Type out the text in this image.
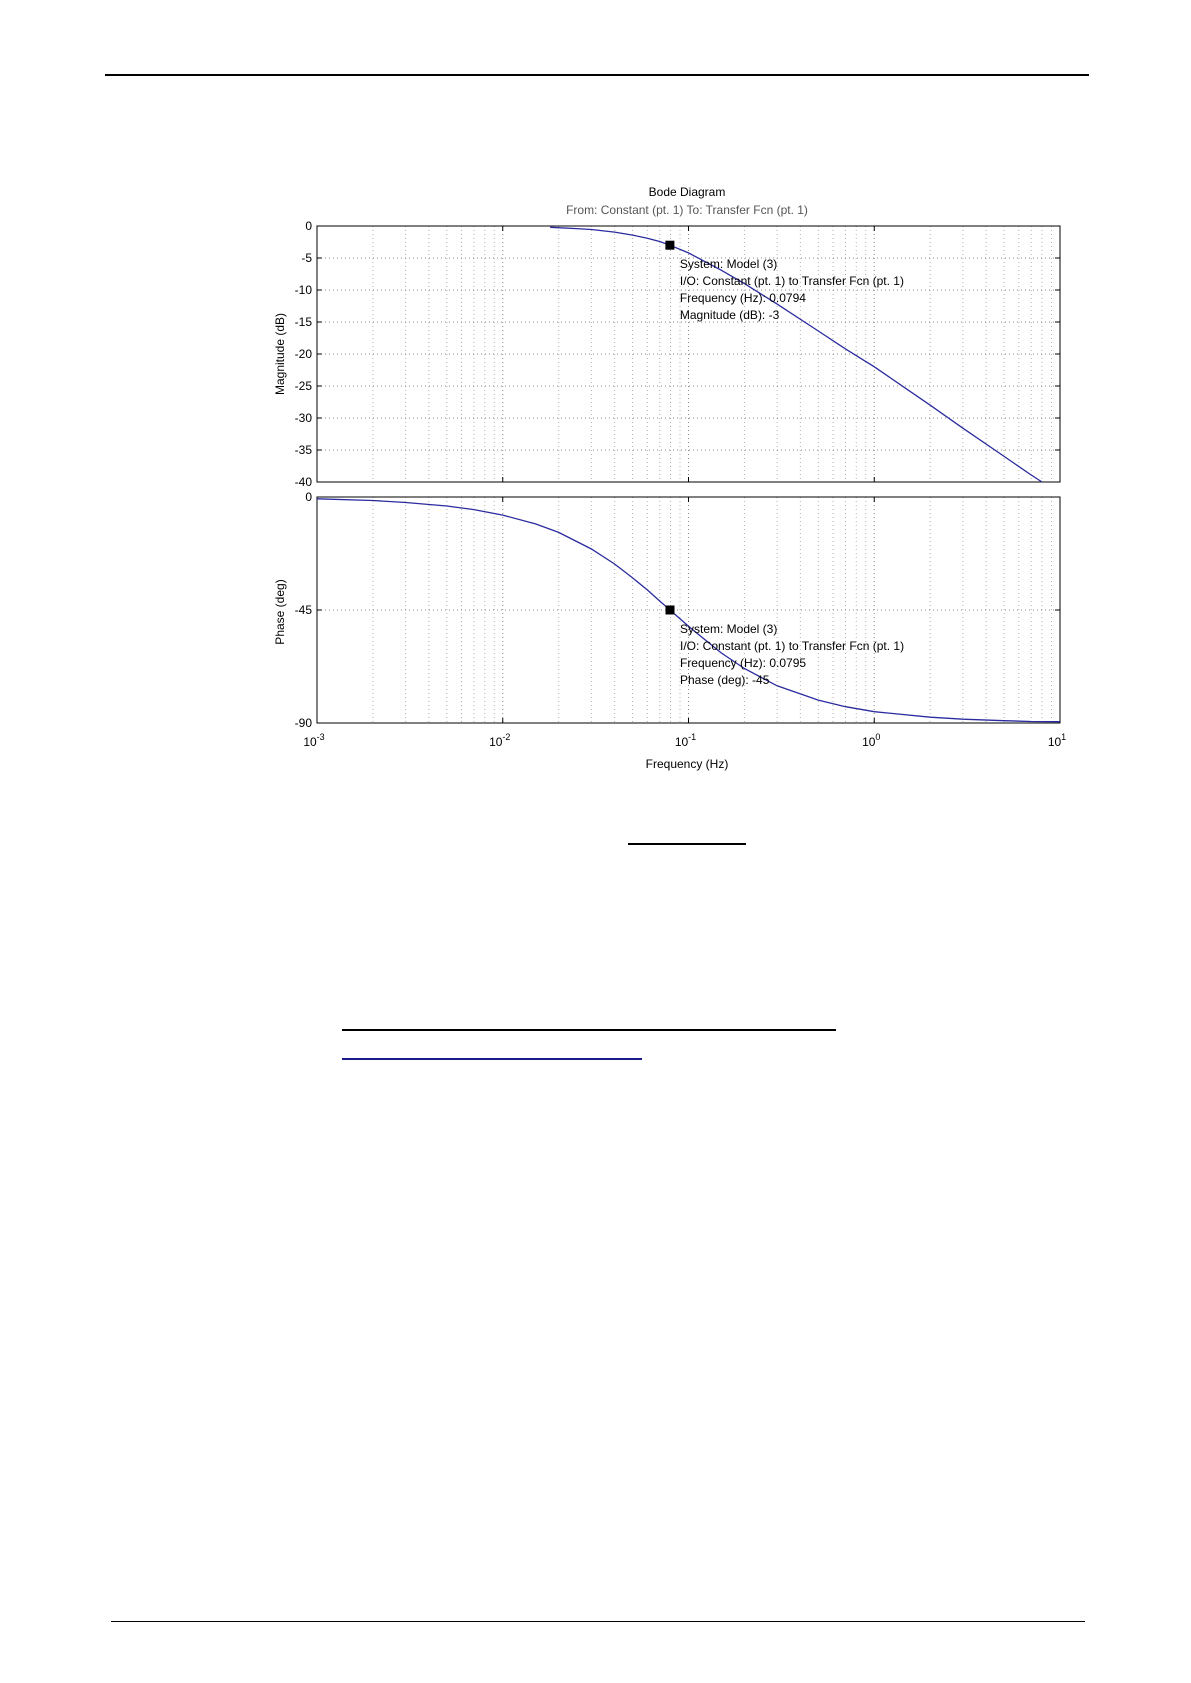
Bode Diagram
From: Constant (pt. 1) To: Transfer Fcn (pt. 1)
0
-5
-10
-15
-20
-25
-30
-35
-40
System: Model (3)
I/O: Constant (pt. 1) to Transfer Fcn (pt. 1)
Frequency (Hz): 0.0794
Magnitude (dB): -3
0
-45
-90
System: Model (3)
I/O: Constant (pt. 1) to Transfer Fcn (pt. 1)
Frequency (Hz): 0.0795
Phase (deg): -45
Magnitude (dB)
Phase (deg)
Frequency (Hz)
$10^{-3}$	$10^{-2}$	$10^{-1}$	$10^0$	$10^1$
